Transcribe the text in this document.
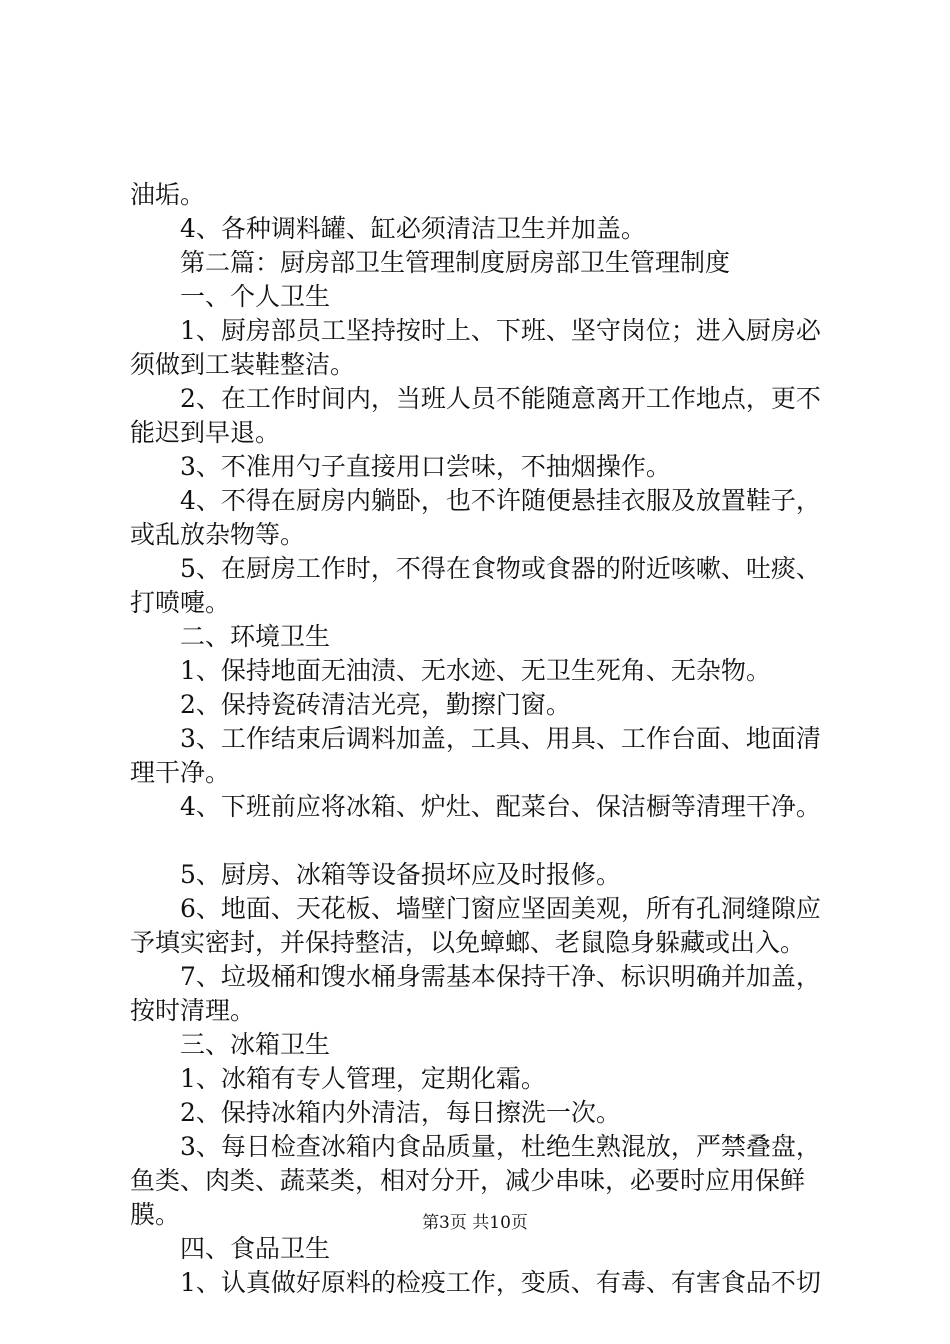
油垢。

4、各种调料罐、缸必须清洁卫生并加盖。

第二篇：厨房部卫生管理制度厨房部卫生管理制度

一、个人卫生

1、厨房部员工坚持按时上、下班、坚守岗位；进入厨房必须做到工装鞋整洁。

2、在工作时间内，当班人员不能随意离开工作地点，更不能迟到早退。

3、不准用勺子直接用口尝味，不抽烟操作。

4、不得在厨房内躺卧，也不许随便悬挂衣服及放置鞋子，或乱放杂物等。

5、在厨房工作时，不得在食物或食器的附近咳嗽、吐痰、打喷嚏。

二、环境卫生

1、保持地面无油渍、无水迹、无卫生死角、无杂物。

2、保持瓷砖清洁光亮，勤擦门窗。

3、工作结束后调料加盖，工具、用具、工作台面、地面清理干净。

4、下班前应将冰箱、炉灶、配菜台、保洁橱等清理干净。

5、厨房、冰箱等设备损坏应及时报修。

6、地面、天花板、墙壁门窗应坚固美观，所有孔洞缝隙应予填实密封，并保持整洁，以免蟑螂、老鼠隐身躲藏或出入。

7、垃圾桶和馊水桶身需基本保持干净、标识明确并加盖，按时清理。

三、冰箱卫生

1、冰箱有专人管理，定期化霜。

2、保持冰箱内外清洁，每日擦洗一次。

3、每日检查冰箱内食品质量，杜绝生熟混放，严禁叠盘，鱼类、肉类、蔬菜类，相对分开，减少串味，必要时应用保鲜膜。

四、食品卫生

1、认真做好原料的检疫工作，变质、有毒、有害食品不切

第3页 共10页
